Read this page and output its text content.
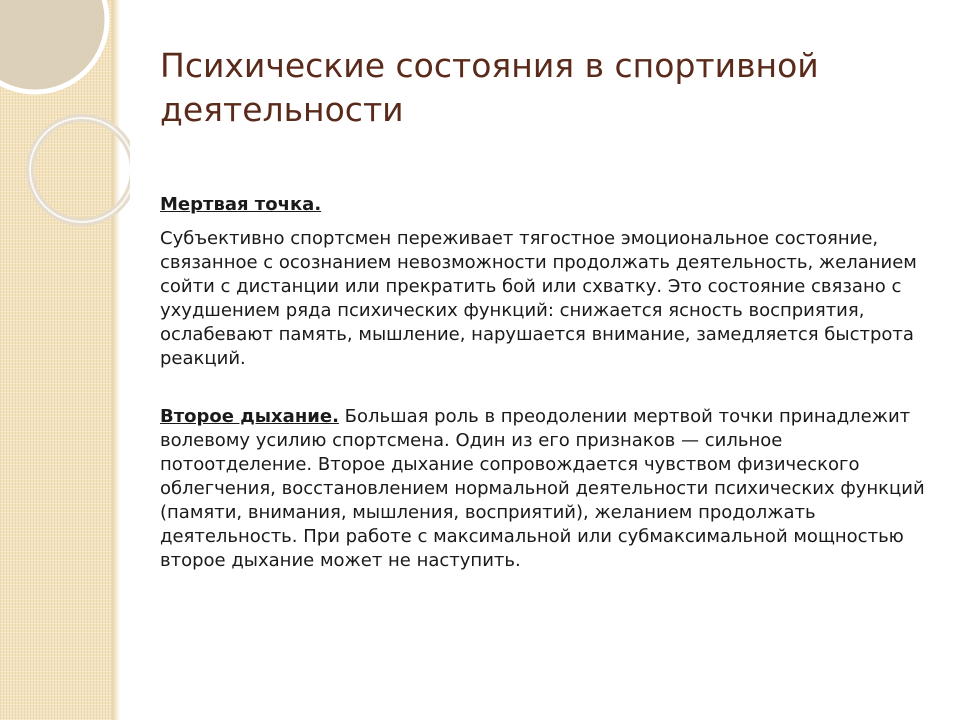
Психические состояния в спортивной деятельности

Мертвая точка.

Субъективно спортсмен переживает тягостное эмоциональное состояние, связанное с осознанием невозможности продолжать деятельность, желанием сойти с дистанции или прекратить бой или схватку. Это состояние связано с ухудшением ряда психических функций: снижается ясность восприятия, ослабевают память, мышление, нарушается внимание, замедляется быстрота реакций.

Второе дыхание. Большая роль в преодолении мертвой точки принадлежит волевому усилию спортсмена. Один из его признаков — сильное потоотделение. Второе дыхание сопровождается чувством физического облегчения, восстановлением нормальной деятельности психических функций (памяти, внимания, мышления, восприятий), желанием продолжать деятельность. При работе с максимальной или субмаксимальной мощностью второе дыхание может не наступить.
